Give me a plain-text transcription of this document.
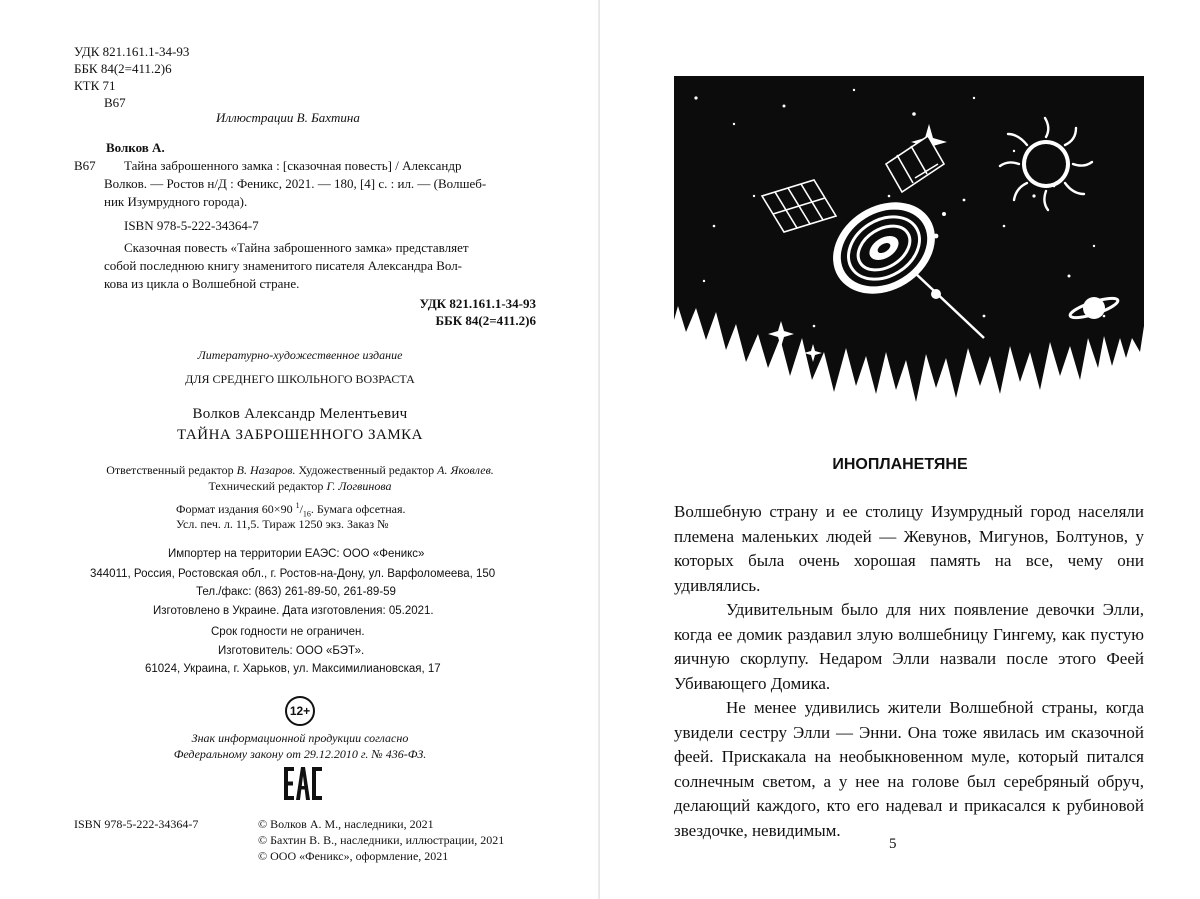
УДК 821.161.1-34-93
ББК 84(2=411.2)6
КТК 71
В67
Иллюстрации В. Бахтина
Волков А.
В67 Тайна заброшенного замка : [сказочная повесть] / Александр
Волков. — Ростов н/Д : Феникс, 2021. — 180, [4] с. : ил. — (Волшеб-
ник Изумрудного города).
ISBN 978-5-222-34364-7
Сказочная повесть «Тайна заброшенного замка» представляет
собой последнюю книгу знаменитого писателя Александра Вол-
кова из цикла о Волшебной стране.
УДК 821.161.1-34-93
ББК 84(2=411.2)6
Литературно-художественное издание
ДЛЯ СРЕДНЕГО ШКОЛЬНОГО ВОЗРАСТА
Волков Александр Мелентьевич
ТАЙНА ЗАБРОШЕННОГО ЗАМКА
Ответственный редактор В. Назаров. Художественный редактор А. Яковлев.
Технический редактор Г. Логвинова
Формат издания 60×90 $^1/_{16}$. Бумага офсетная.
Усл. печ. л. 11,5. Тираж 1250 экз. Заказ №
Импортер на территории ЕАЭС: ООО «Феникс»
344011, Россия, Ростовская обл., г. Ростов-на-Дону, ул. Варфоломеева, 150
Тел./факс: (863) 261-89-50, 261-89-59
Изготовлено в Украине. Дата изготовления: 05.2021.
Срок годности не ограничен.
Изготовитель: ООО «БЭТ».
61024, Украина, г. Харьков, ул. Максимилиановская, 17
12+
Знак информационной продукции согласно
Федеральному закону от 29.12.2010 г. № 436-ФЗ.
ISBN 978-5-222-34364-7	© Волков А. М., наследники, 2021
© Бахтин В. В., наследники, иллюстрации, 2021
© ООО «Феникс», оформление, 2021
ИНОПЛАНЕТЯНЕ

Волшебную страну и ее столицу Изумрудный город населяли племена маленьких людей — Жевунов, Мигунов, Болтунов, у которых была очень хорошая память на все, чему они удивлялись.

Удивительным было для них появление девочки Элли, когда ее домик раздавил злую волшебницу Гингему, как пустую яичную скорлупу. Недаром Элли назвали после этого Феей Убивающего Домика.

Не менее удивились жители Волшебной страны, когда увидели сестру Элли — Энни. Она тоже явилась им сказочной феей. Прискакала на необыкновенном муле, который питался солнечным светом, а у нее на голове был серебряный обруч, делающий каждого, кто его надевал и прикасался к рубиновой звездочке, невидимым.

5
